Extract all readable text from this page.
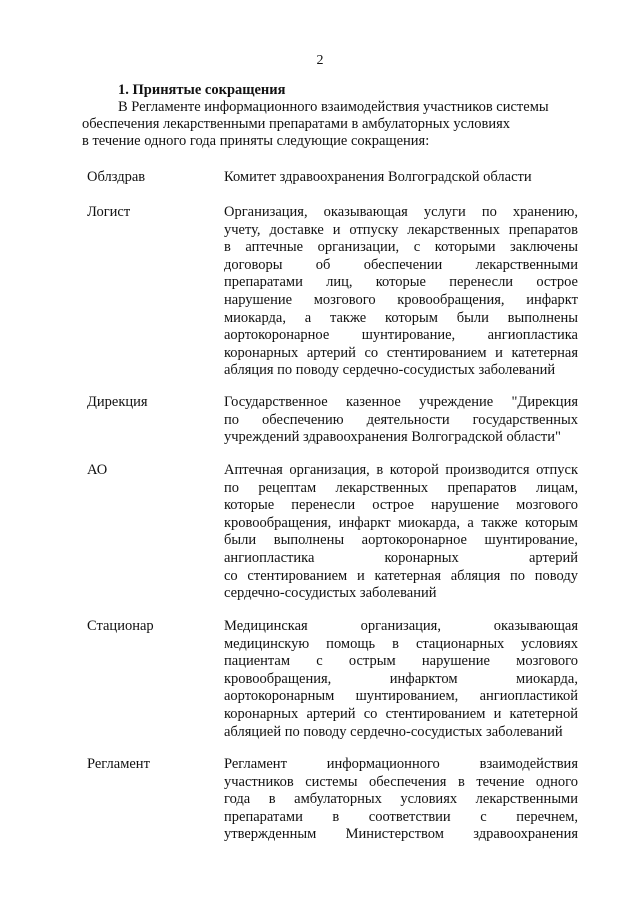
2
1. Принятые сокращения
В Регламенте информационного взаимодействия участников системы
обеспечения лекарственными препаратами в амбулаторных условиях
в течение одного года приняты следующие сокращения:
Облздрав	Комитет здравоохранения Волгоградской области
Логист	Организация, оказывающая услуги по хранению,
учету, доставке и отпуску лекарственных препаратов
в аптечные организации, с которыми заключены
договоры об обеспечении лекарственными
препаратами лиц, которые перенесли острое
нарушение мозгового кровообращения, инфаркт
миокарда, а также которым были выполнены
аортокоронарное шунтирование, ангиопластика
коронарных артерий со стентированием и катетерная
абляция по поводу сердечно-сосудистых заболеваний
Дирекция	Государственное казенное учреждение "Дирекция
по обеспечению деятельности государственных
учреждений здравоохранения Волгоградской области"
АО	Аптечная организация, в которой производится отпуск
по рецептам лекарственных препаратов лицам,
которые перенесли острое нарушение мозгового
кровообращения, инфаркт миокарда, а также которым
были выполнены аортокоронарное шунтирование,
ангиопластика коронарных артерий
со стентированием и катетерная абляция по поводу
сердечно-сосудистых заболеваний
Стационар	Медицинская организация, оказывающая
медицинскую помощь в стационарных условиях
пациентам с острым нарушение мозгового
кровообращения, инфарктом миокарда,
аортокоронарным шунтированием, ангиопластикой
коронарных артерий со стентированием и катетерной
абляцией по поводу сердечно-сосудистых заболеваний
Регламент	Регламент информационного взаимодействия
участников системы обеспечения в течение одного
года в амбулаторных условиях лекарственными
препаратами в соответствии с перечнем,
утвержденным Министерством здравоохранения
